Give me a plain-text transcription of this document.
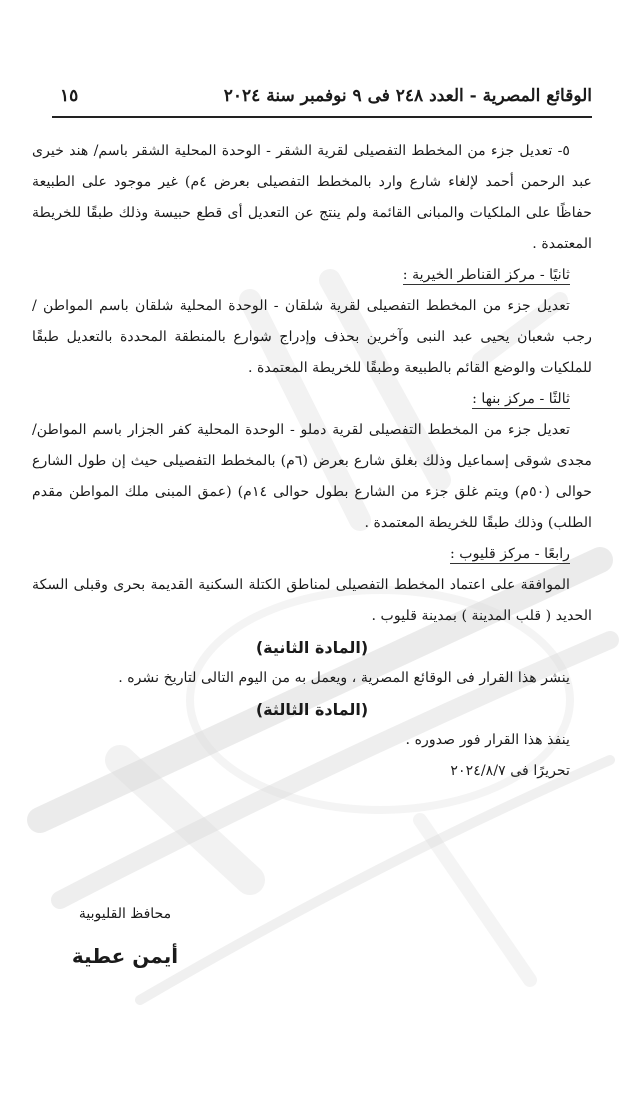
الوقائع المصرية - العدد ٢٤٨ فى ٩ نوفمبر سنة ٢٠٢٤
١٥

٥- تعديل جزء من المخطط التفصيلى لقرية الشقر - الوحدة المحلية الشقر باسم/ هند خيرى عبد الرحمن أحمد لإلغاء شارع وارد بالمخطط التفصيلى بعرض ٤م) غير موجود على الطبيعة حفاظًا على الملكيات والمبانى القائمة ولم ينتج عن التعديل أى قطع حبيسة وذلك طبقًا للخريطة المعتمدة .

ثانيًا - مركز القناطر الخيرية :

تعديل جزء من المخطط التفصيلى لقرية شلقان - الوحدة المحلية شلقان باسم المواطن / رجب شعبان يحيى عبد النبى وآخرين بحذف وإدراج شوارع بالمنطقة المحددة بالتعديل طبقًا للملكيات والوضع القائم بالطبيعة وطبقًا للخريطة المعتمدة .

ثالثًا - مركز بنها :

تعديل جزء من المخطط التفصيلى لقرية دملو - الوحدة المحلية كفر الجزار باسم المواطن/ مجدى شوقى إسماعيل وذلك بغلق شارع بعرض (٦م) بالمخطط التفصيلى حيث إن طول الشارع حوالى (٥٠م) ويتم غلق جزء من الشارع بطول حوالى ١٤م) (عمق المبنى ملك المواطن مقدم الطلب) وذلك طبقًا للخريطة المعتمدة .

رابعًا - مركز قليوب :

الموافقة على اعتماد المخطط التفصيلى لمناطق الكتلة السكنية القديمة بحرى وقبلى السكة الحديد ( قلب المدينة ) بمدينة قليوب .

(المادة الثانية)

ينشر هذا القرار فى الوقائع المصرية ، ويعمل به من اليوم التالى لتاريخ نشره .

(المادة الثالثة)

ينفذ هذا القرار فور صدوره .

تحريرًا فى ٢٠٢٤/٨/٧

محافظ القليوبية
أيمن عطية
